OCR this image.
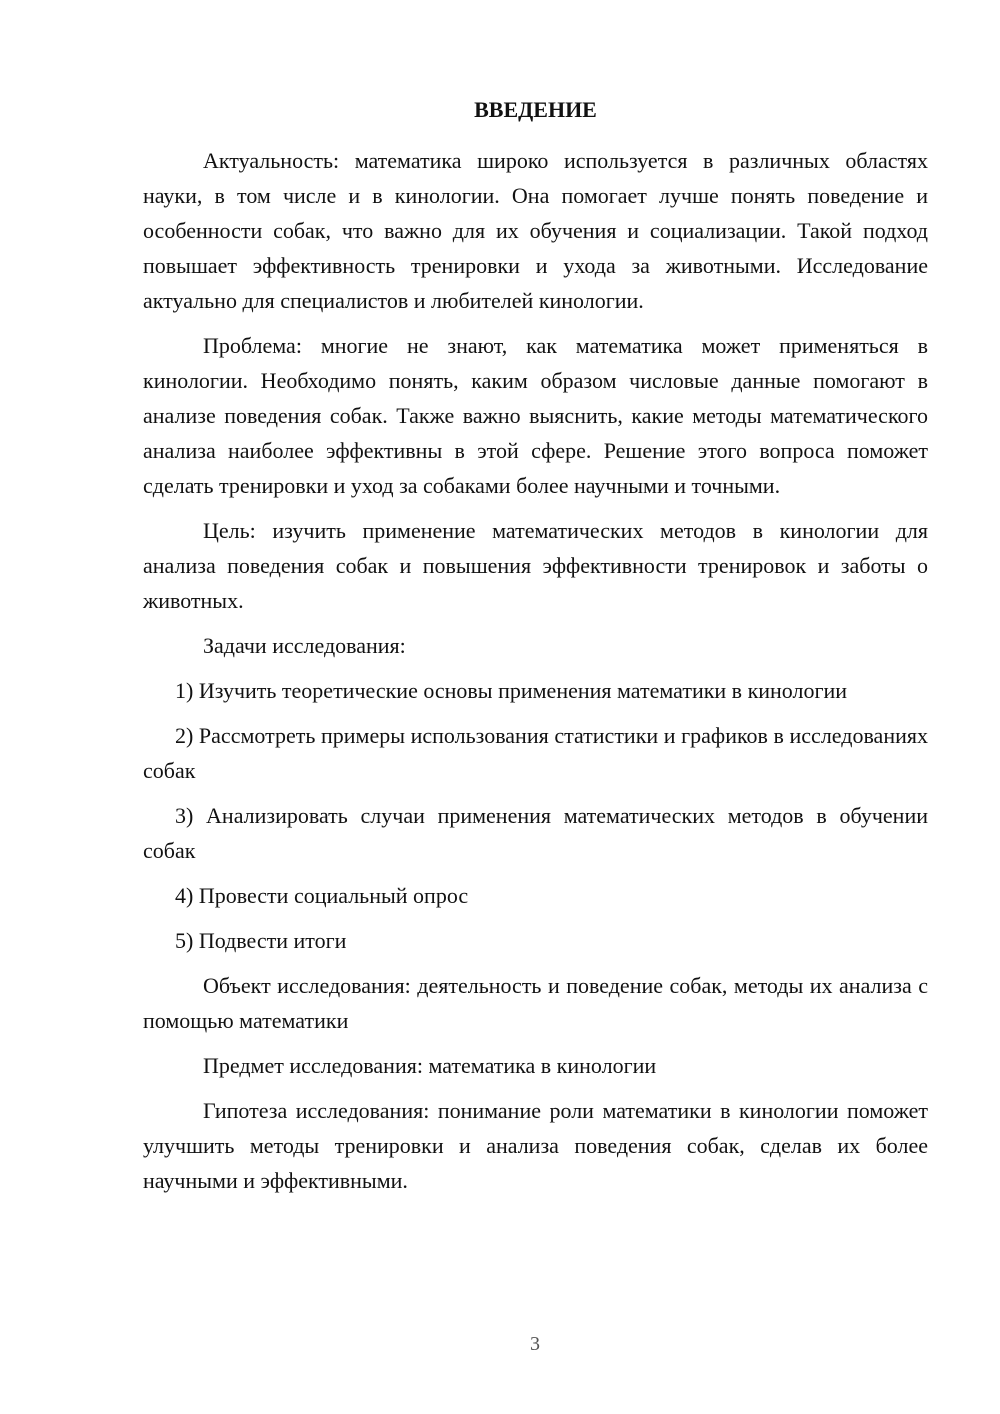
ВВЕДЕНИЕ

Актуальность: математика широко используется в различных областях науки, в том числе и в кинологии. Она помогает лучше понять поведение и особенности собак, что важно для их обучения и социализации. Такой подход повышает эффективность тренировки и ухода за животными. Исследование актуально для специалистов и любителей кинологии.

Проблема: многие не знают, как математика может применяться в кинологии. Необходимо понять, каким образом числовые данные помогают в анализе поведения собак. Также важно выяснить, какие методы математического анализа наиболее эффективны в этой сфере. Решение этого вопроса поможет сделать тренировки и уход за собаками более научными и точными.

Цель: изучить применение математических методов в кинологии для анализа поведения собак и повышения эффективности тренировок и заботы о животных.

Задачи исследования:

1) Изучить теоретические основы применения математики в кинологии

2) Рассмотреть примеры использования статистики и графиков в исследованиях собак

3) Анализировать случаи применения математических методов в обучении собак

4) Провести социальный опрос

5) Подвести итоги

Объект исследования: деятельность и поведение собак, методы их анализа с помощью математики

Предмет исследования: математика в кинологии

Гипотеза исследования: понимание роли математики в кинологии поможет улучшить методы тренировки и анализа поведения собак, сделав их более научными и эффективными.

3
